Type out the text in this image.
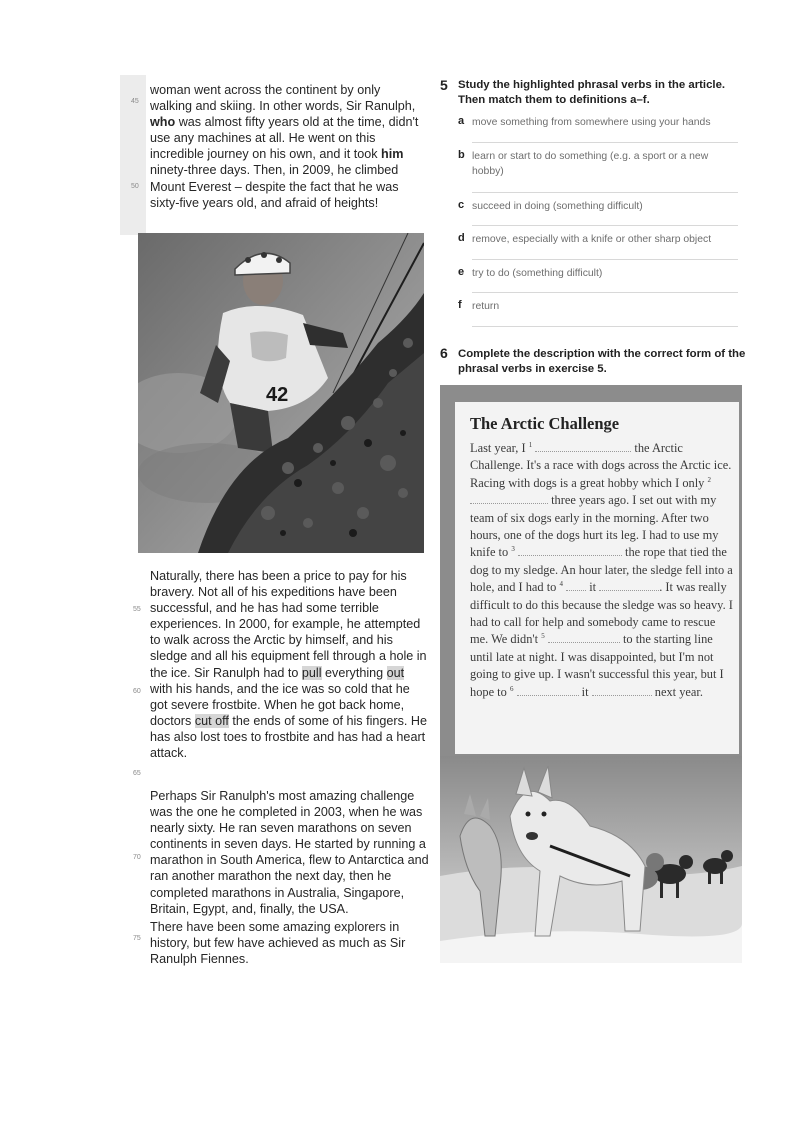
45
50

woman went across the continent by only walking and skiing. In other words, Sir Ranulph, who was almost fifty years old at the time, didn't use any machines at all. He went on this incredible journey on his own, and it took him ninety-three days. Then, in 2009, he climbed Mount Everest – despite the fact that he was sixty-five years old, and afraid of heights!

42
55
60
65
70
75

Naturally, there has been a price to pay for his bravery. Not all of his expeditions have been successful, and he has had some terrible experiences. In 2000, for example, he attempted to walk across the Arctic by himself, and his sledge and all his equipment fell through a hole in the ice. Sir Ranulph had to pull everything out with his hands, and the ice was so cold that he got severe frostbite. When he got back home, doctors cut off the ends of some of his fingers. He has also lost toes to frostbite and has had a heart attack.

Perhaps Sir Ranulph's most amazing challenge was the one he completed in 2003, when he was nearly sixty. He ran seven marathons on seven continents in seven days. He started by running a marathon in South America, flew to Antarctica and ran another marathon the next day, then he completed marathons in Australia, Singapore, Britain, Egypt, and, finally, the USA.

There have been some amazing explorers in history, but few have achieved as much as Sir Ranulph Fiennes.

5 Study the highlighted phrasal verbs in the article. Then match them to definitions a–f.
a move something from somewhere using your hands
b learn or start to do something (e.g. a sport or a new hobby)
c succeed in doing (something difficult)
d remove, especially with a knife or other sharp object
e try to do (something difficult)
f return
6 Complete the description with the correct form of the phrasal verbs in exercise 5.
The Arctic Challenge

Last year, I $^1$	the Arctic Challenge. It's a race with dogs across the Arctic ice. Racing with dogs is a great hobby which I only $^2$  three years ago. I set out with my team of six dogs early in the morning. After two hours, one of the dogs hurt its leg. I had to use my knife to $^3$	the rope that tied the dog to my sledge. An hour later, the sledge fell into a hole, and I had to $^4$ it	. It was really difficult to do this because the sledge was so heavy. I had to call for help and somebody came to rescue me. We didn't $^5$	to the starting line until late at night. I was disappointed, but I'm not going to give up. I wasn't successful this year, but I hope to $^6$	it	next year.
